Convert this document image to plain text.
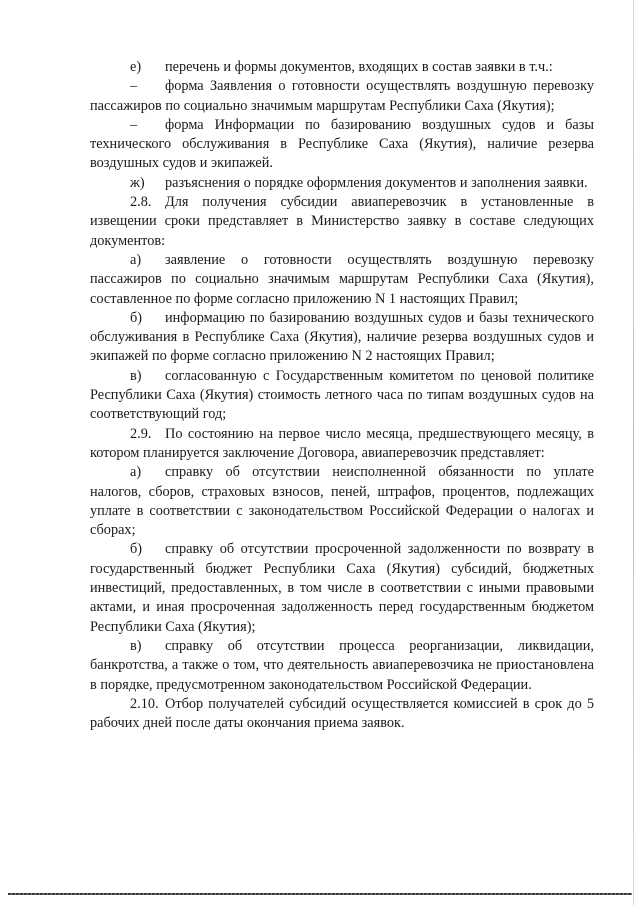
е) перечень и формы документов, входящих в состав заявки в т.ч.:

– форма Заявления о готовности осуществлять воздушную перевозку пассажиров по социально значимым маршрутам Республики Саха (Якутия);

– форма Информации по базированию воздушных судов и базы технического обслуживания в Республике Саха (Якутия), наличие резерва воздушных судов и экипажей.

ж) разъяснения о порядке оформления документов и заполнения заявки.

2.8. Для получения субсидии авиаперевозчик в установленные в извещении сроки представляет в Министерство заявку в составе следующих документов:

а) заявление о готовности осуществлять воздушную перевозку пассажиров по социально значимым маршрутам Республики Саха (Якутия), составленное по форме согласно приложению N 1 настоящих Правил;

б) информацию по базированию воздушных судов и базы технического обслуживания в Республике Саха (Якутия), наличие резерва воздушных судов и экипажей по форме согласно приложению N 2 настоящих Правил;

в) согласованную с Государственным комитетом по ценовой политике Республики Саха (Якутия) стоимость летного часа по типам воздушных судов на соответствующий год;

2.9. По состоянию на первое число месяца, предшествующего месяцу, в котором планируется заключение Договора, авиаперевозчик представляет:

а) справку об отсутствии неисполненной обязанности по уплате налогов, сборов, страховых взносов, пеней, штрафов, процентов, подлежащих уплате в соответствии с законодательством Российской Федерации о налогах и сборах;

б) справку об отсутствии просроченной задолженности по возврату в государственный бюджет Республики Саха (Якутия) субсидий, бюджетных инвестиций, предоставленных, в том числе в соответствии с иными правовыми актами, и иная просроченная задолженность перед государственным бюджетом Республики Саха (Якутия);

в) справку об отсутствии процесса реорганизации, ликвидации, банкротства, а также о том, что деятельность авиаперевозчика не приостановлена в порядке, предусмотренном законодательством Российской Федерации.

2.10. Отбор получателей субсидий осуществляется комиссией в срок до 5 рабочих дней после даты окончания приема заявок.
